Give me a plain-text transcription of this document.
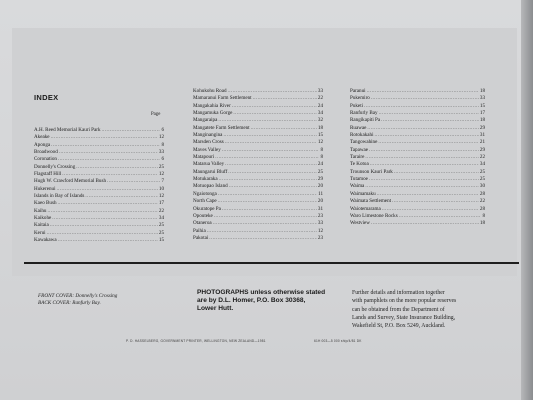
INDEX
Page
A.H. Reed Memorial Kauri Park .....	6
Akeake .....	12
Aponga .....	8
Broadwood .....	33
Coronation .....	6
Donnelly's Crossing .....	25
Flagstaff Hill .....	12
Hugh W. Crawford Memorial Bush .....	7
Hukerenui .....	10
Islands in Bay of Islands .....	12
Kaeo Bush .....	17
Kaihu .....	22
Kaikohe .....	34
Kaitaia .....	25
Kerui .....	25
Kawakawa .....	15
Kohukohu Road .....	33
Mamaranui Farm Settlement .....	22
Mangakahia River .....	24
Mangamuka Gorge .....	34
Mangaraipa .....	32
Mangatete Farm Settlement .....	18
Manginangina .....	15
Marsden Cross .....	12
Maves Valley .....	8
Matapouri .....	8
Matarua Valley .....	24
Maungarui Bluff .....	25
Motukaraka .....	29
Motuopao Island .....	20
Ngaiotonga .....	11
North Cape .....	20
Okuratope Pa .....	31
Opouteke .....	23
Otaneroa .....	33
Paihia .....	12
Pakotai .....	23
Paranui .....	18
Pukemiro .....	33
Puketi .....	15
Ranfurly Bay .....	17
Rangikapiti Pa .....	18
Ruawae .....	29
Rotokakahi .....	31
Tangowahine .....	21
Tapawae .....	29
Taraire .....	22
Te Kotoa .....	34
Trounson Kauri Park .....	25
Tutamoe .....	25
Waima .....	30
Waimamaku .....	28
Waimata Settlement .....	22
Waiotemarama .....	28
Waro Limestone Rocks .....	8
Westview .....	18
FRONT COVER: Donnelly's Crossing
BACK COVER: Ranfurly Bay.
PHOTOGRAPHS unless otherwise stated
are by D.L. Homer, P.O. Box 30368,
Lower Hutt.
Further details and information together
with pamphlets on the more popular reserves
can be obtained from the Department of
Lands and Survey, State Insurance Building,
Wakefield St, P.O. Box 5249, Auckland.
P. D. HASSELBERG, GOVERNMENT PRINTER, WELLINGTON, NEW ZEALAND—1981	61H 003—5 000 ship/4/81 DK
